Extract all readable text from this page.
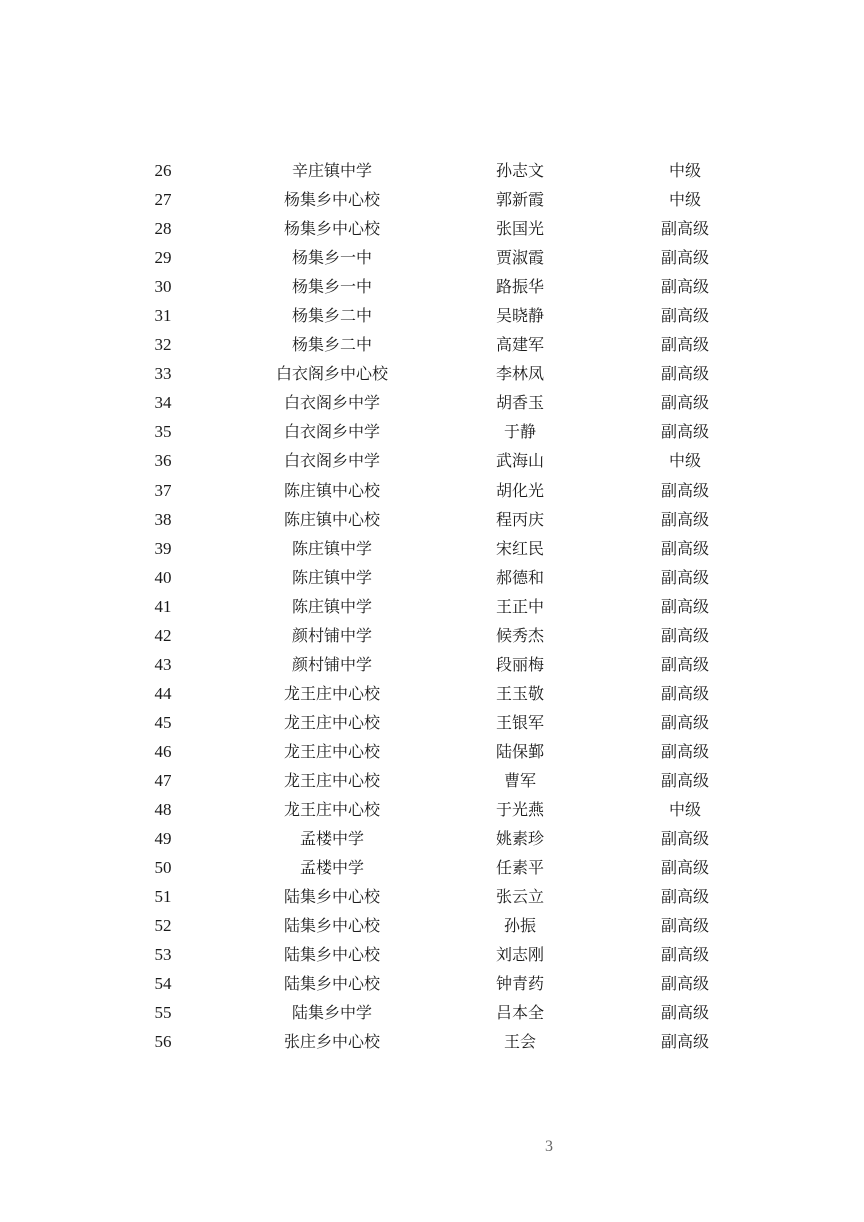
26	辛庄镇中学	孙志文	中级
27	杨集乡中心校	郭新霞	中级
28	杨集乡中心校	张国光	副高级
29	杨集乡一中	贾淑霞	副高级
30	杨集乡一中	路振华	副高级
31	杨集乡二中	吴晓静	副高级
32	杨集乡二中	高建军	副高级
33	白衣阁乡中心校	李林凤	副高级
34	白衣阁乡中学	胡香玉	副高级
35	白衣阁乡中学	于静	副高级
36	白衣阁乡中学	武海山	中级
37	陈庄镇中心校	胡化光	副高级
38	陈庄镇中心校	程丙庆	副高级
39	陈庄镇中学	宋红民	副高级
40	陈庄镇中学	郝德和	副高级
41	陈庄镇中学	王正中	副高级
42	颜村铺中学	候秀杰	副高级
43	颜村铺中学	段丽梅	副高级
44	龙王庄中心校	王玉敬	副高级
45	龙王庄中心校	王银军	副高级
46	龙王庄中心校	陆保鄞	副高级
47	龙王庄中心校	曹军	副高级
48	龙王庄中心校	于光燕	中级
49	孟楼中学	姚素珍	副高级
50	孟楼中学	任素平	副高级
51	陆集乡中心校	张云立	副高级
52	陆集乡中心校	孙振	副高级
53	陆集乡中心校	刘志刚	副高级
54	陆集乡中心校	钟青药	副高级
55	陆集乡中学	吕本全	副高级
56	张庄乡中心校	王会	副高级
3
